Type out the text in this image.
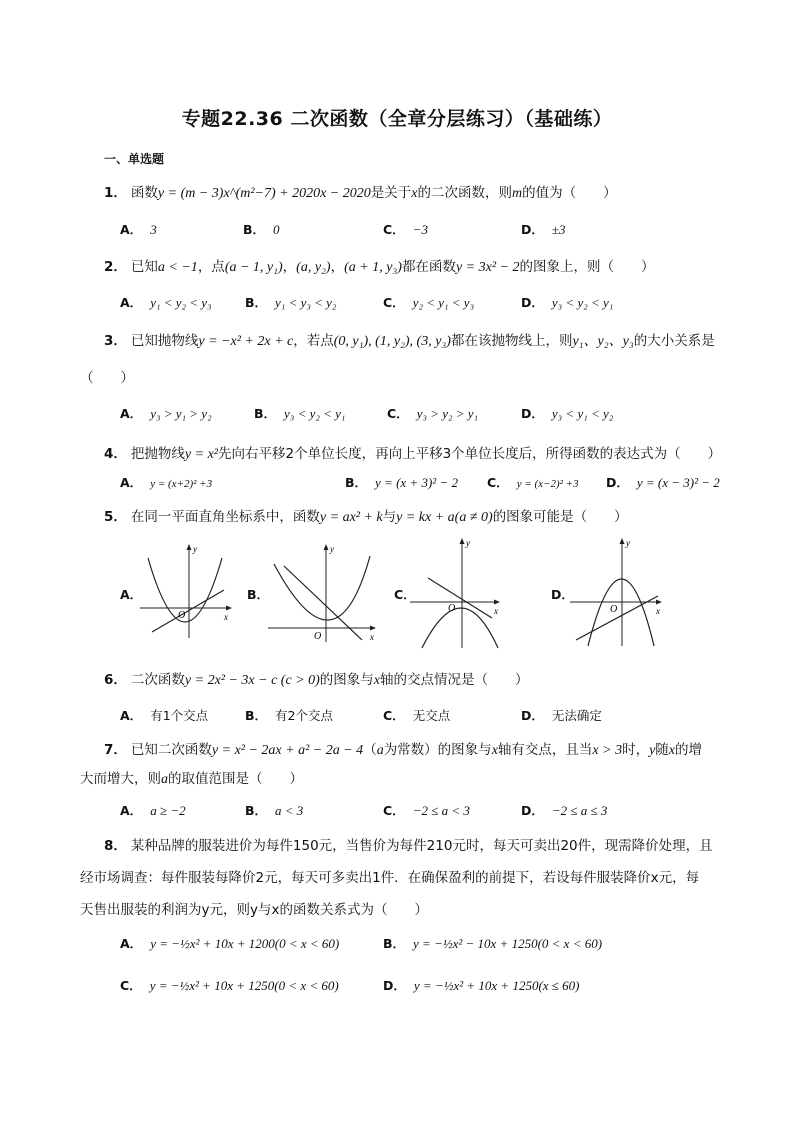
专题22.36 二次函数（全章分层练习）（基础练）
一、单选题
1． 函数y = (m − 3)x^(m²−7) + 2020x − 2020是关于x的二次函数，则m的值为（　　）
A． 3	B． 0	C． −3	D． ±3
2． 已知a < −1，点(a − 1, y₁)，(a, y₂)，(a + 1, y₃)都在函数y = 3x² − 2的图象上，则（　　）
A． y₁ < y₂ < y₃	B． y₁ < y₃ < y₂	C． y₂ < y₁ < y₃	D． y₃ < y₂ < y₁
3． 已知抛物线y = −x² + 2x + c，若点(0, y₁), (1, y₂), (3, y₃)都在该抛物线上，则y₁、y₂、y₃的大小关系是
（　　）
A． y₃ > y₁ > y₂	B． y₃ < y₂ < y₁	C． y₃ > y₂ > y₁	D． y₃ < y₁ < y₂
4． 把抛物线y = x²先向右平移2个单位长度，再向上平移3个单位长度后，所得函数的表达式为（　　）
A． y = (x+2)² +3	B． y = (x + 3)² − 2 C． y = (x−2)² +3 D． y = (x − 3)² − 2
5． 在同一平面直角坐标系中，函数y = ax² + k与y = kx + a(a ≠ 0)的图象可能是（　　）
A．
O	x
y
B．
O	x
y
C．
O	x
y
D．
O	x
y
6． 二次函数y = 2x² − 3x − c (c > 0)的图象与x轴的交点情况是（　　）
A． 有1个交点	B． 有2个交点	C． 无交点	D． 无法确定
7． 已知二次函数y = x² − 2ax + a² − 2a − 4（a为常数）的图象与x轴有交点，且当x > 3时，y随x的增
大而增大，则a的取值范围是（　　）
A． a ≥ −2	B． a < 3	C． −2 ≤ a < 3	D． −2 ≤ a ≤ 3
8． 某种品牌的服装进价为每件150元，当售价为每件210元时，每天可卖出20件，现需降价处理，且
经市场调查：每件服装每降价2元，每天可多卖出1件．在确保盈利的前提下，若设每件服装降价x元，每
天售出服装的利润为y元，则y与x的函数关系式为（　　）
A． y = −½x² + 10x + 1200(0 < x < 60)	B． y = −½x² − 10x + 1250(0 < x < 60)
C． y = −½x² + 10x + 1250(0 < x < 60)	D． y = −½x² + 10x + 1250(x ≤ 60)
